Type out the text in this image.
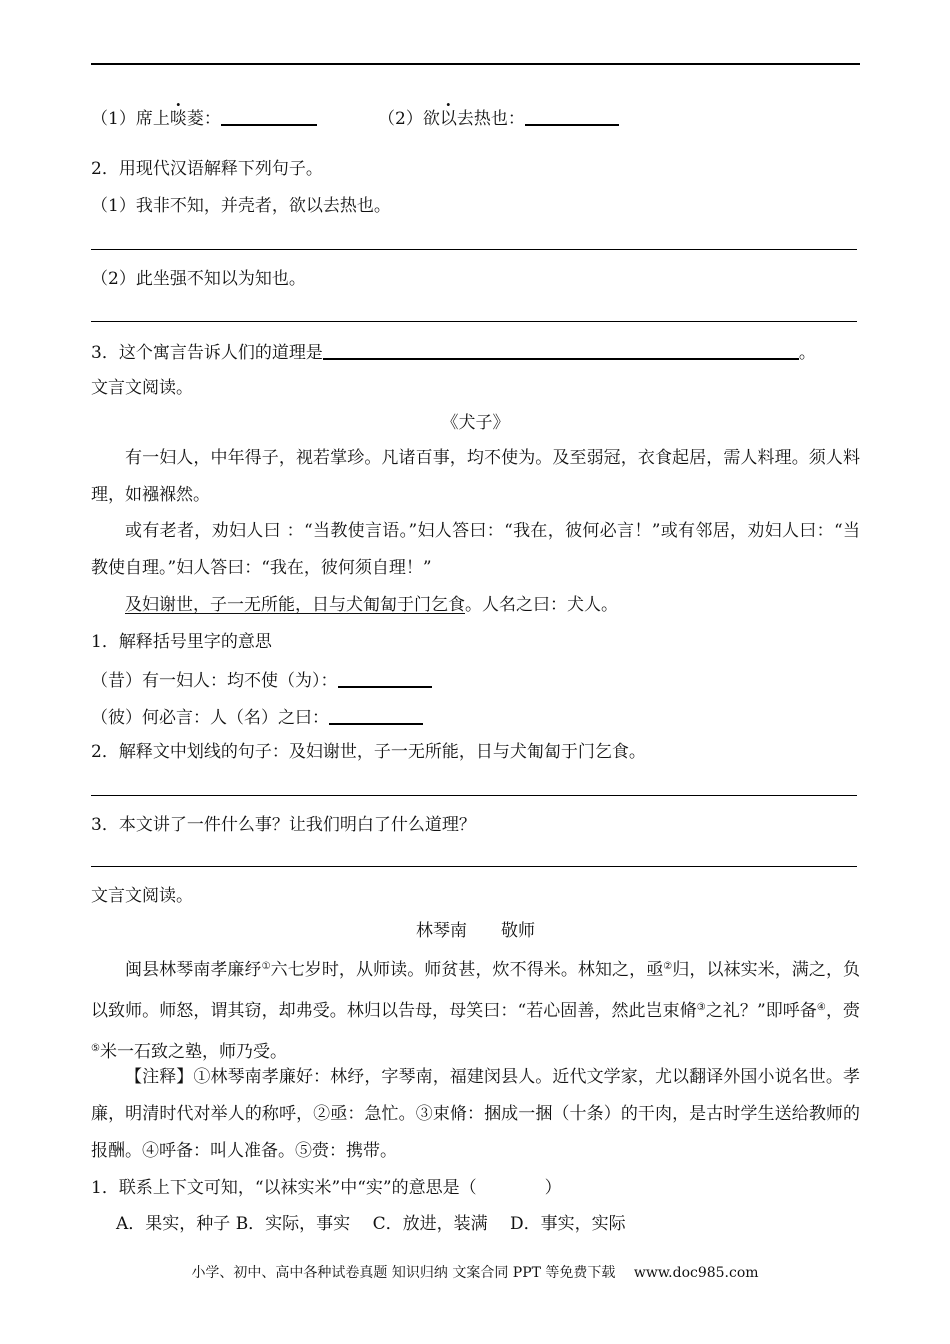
（1）席上啖菱：	（2）欲以去热也：
2．用现代汉语解释下列句子。
（1）我非不知，并壳者，欲以去热也。
（2）此坐强不知以为知也。
3．这个寓言告诉人们的道理是	。
文言文阅读。
《犬子》
有一妇人，中年得子，视若掌珍。凡诸百事，均不使为。及至弱冠，衣食起居，需人料理。须人料理，如襁褓然。
或有老者，劝妇人曰 ：“当教使言语。”妇人答曰：“我在，彼何必言！”或有邻居，劝妇人曰：“当教使自理。”妇人答曰：“我在，彼何须自理！”
及妇谢世，子一无所能，日与犬匍匐于门乞食。人名之曰：犬人。
1．解释括号里字的意思
（昔）有一妇人：均不使（为）：
（彼）何必言：人（名）之曰：
2．解释文中划线的句子：及妇谢世，子一无所能，日与犬匍匐于门乞食。
3．本文讲了一件什么事？让我们明白了什么道理？
文言文阅读。
林琴南　　 敬师
闽县林琴南孝廉纾①六七岁时，从师读。师贫甚，炊不得米。林知之，亟②归，以袜实米，满之，负以致师。师怒，谓其窃，却弗受。林归以告母，母笑曰：“若心固善，然此岂束脩③之礼？”即呼备④，赍⑤米一石致之塾，师乃受。
【注释】①林琴南孝廉好：林纾，字琴南，福建闵县人。近代文学家，尤以翻译外国小说名世。孝廉，明清时代对举人的称呼，②亟：急忙。③束脩：捆成一捆（十条）的干肉，是古时学生送给教师的报酬。④呼备：叫人准备。⑤赍：携带。
1．联系上下文可知，“以袜实米”中“实”的意思是（　　　　）
A．果实，种子 B．实际，事实　 C．放进，装满　 D．事实，实际
小学、初中、高中各种试卷真题 知识归纳 文案合同 PPT 等免费下载　 www.doc985.com
